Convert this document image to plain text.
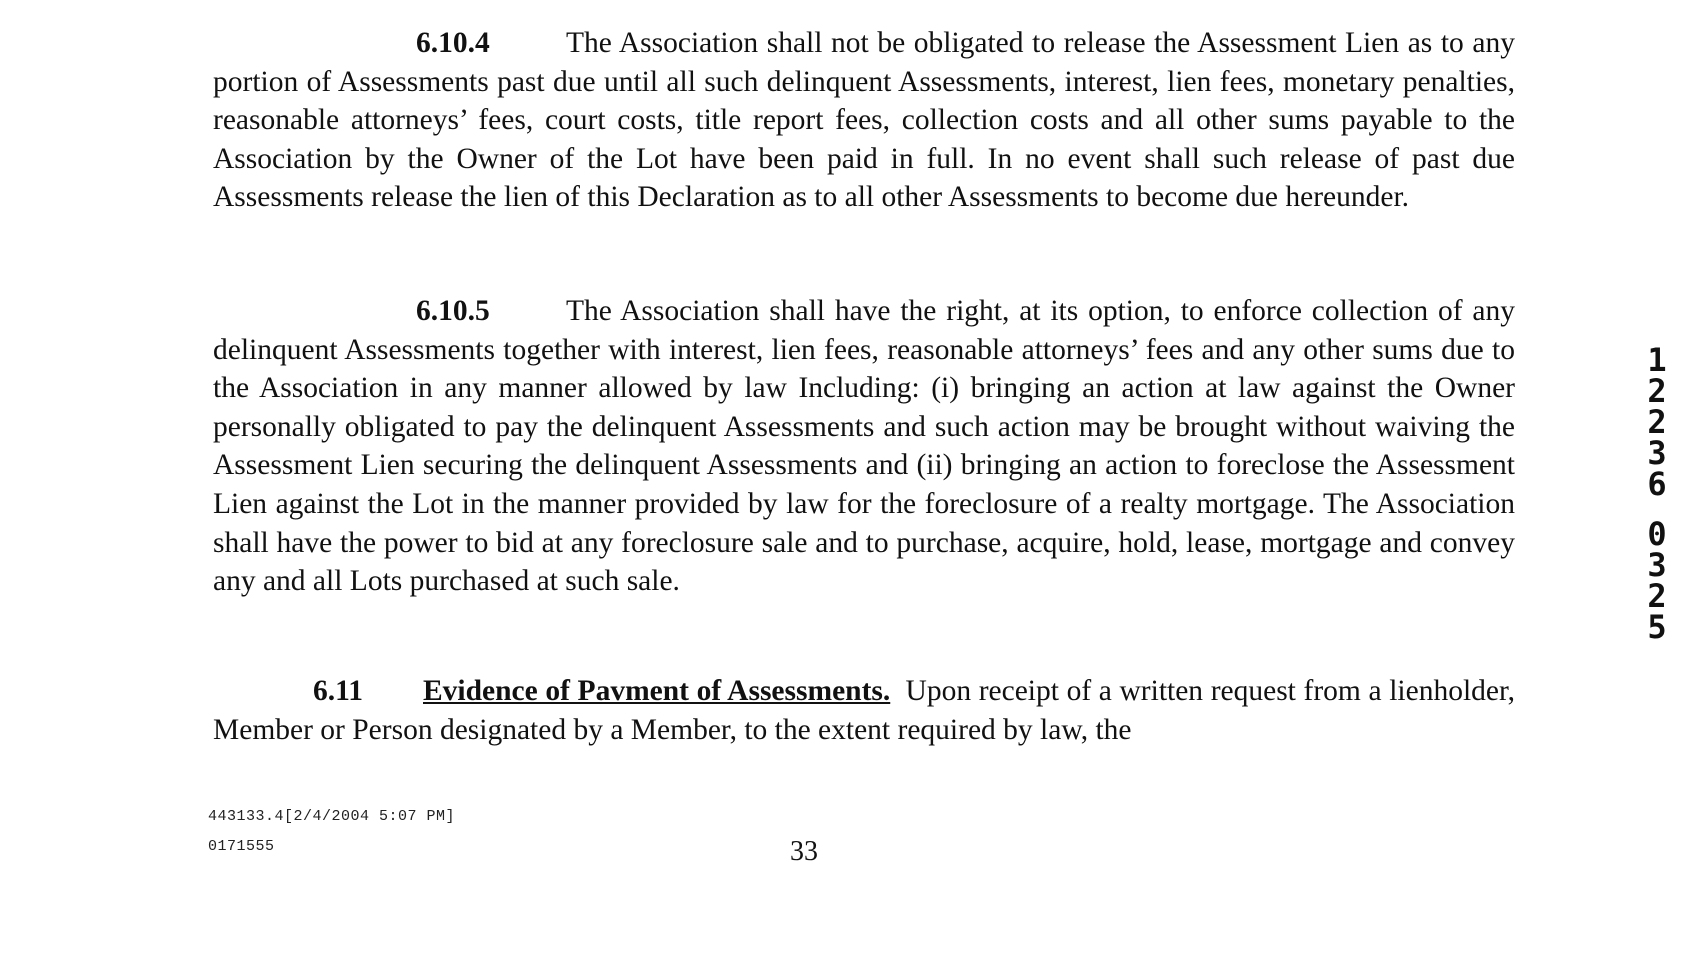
6.10.4	The Association shall not be obligated to release the Assessment Lien as to any portion of Assessments past due until all such delinquent Assessments, interest, lien fees, monetary penalties, reasonable attorneys’ fees, court costs, title report fees, collection costs and all other sums payable to the Association by the Owner of the Lot have been paid in full. In no event shall such release of past due Assessments release the lien of this Declaration as to all other Assessments to become due hereunder.

6.10.5	The Association shall have the right, at its option, to enforce collection of any delinquent Assessments together with interest, lien fees, reasonable attorneys’ fees and any other sums due to the Association in any manner allowed by law Including: (i) bringing an action at law against the Owner personally obligated to pay the delinquent Assessments and such action may be brought without waiving the Assessment Lien securing the delinquent Assessments and (ii) bringing an action to foreclose the Assessment Lien against the Lot in the manner provided by law for the foreclosure of a realty mortgage. The Association shall have the power to bid at any foreclosure sale and to purchase, acquire, hold, lease, mortgage and convey any and all Lots purchased at such sale.

6.11 Evidence of Pavment of Assessments. Upon receipt of a written request from a lienholder, Member or Person designated by a Member, to the extent required by law, the

443133.4[2/4/2004 5:07 PM]
0171555	33
1
2
2
3
6
0
3
2
5
